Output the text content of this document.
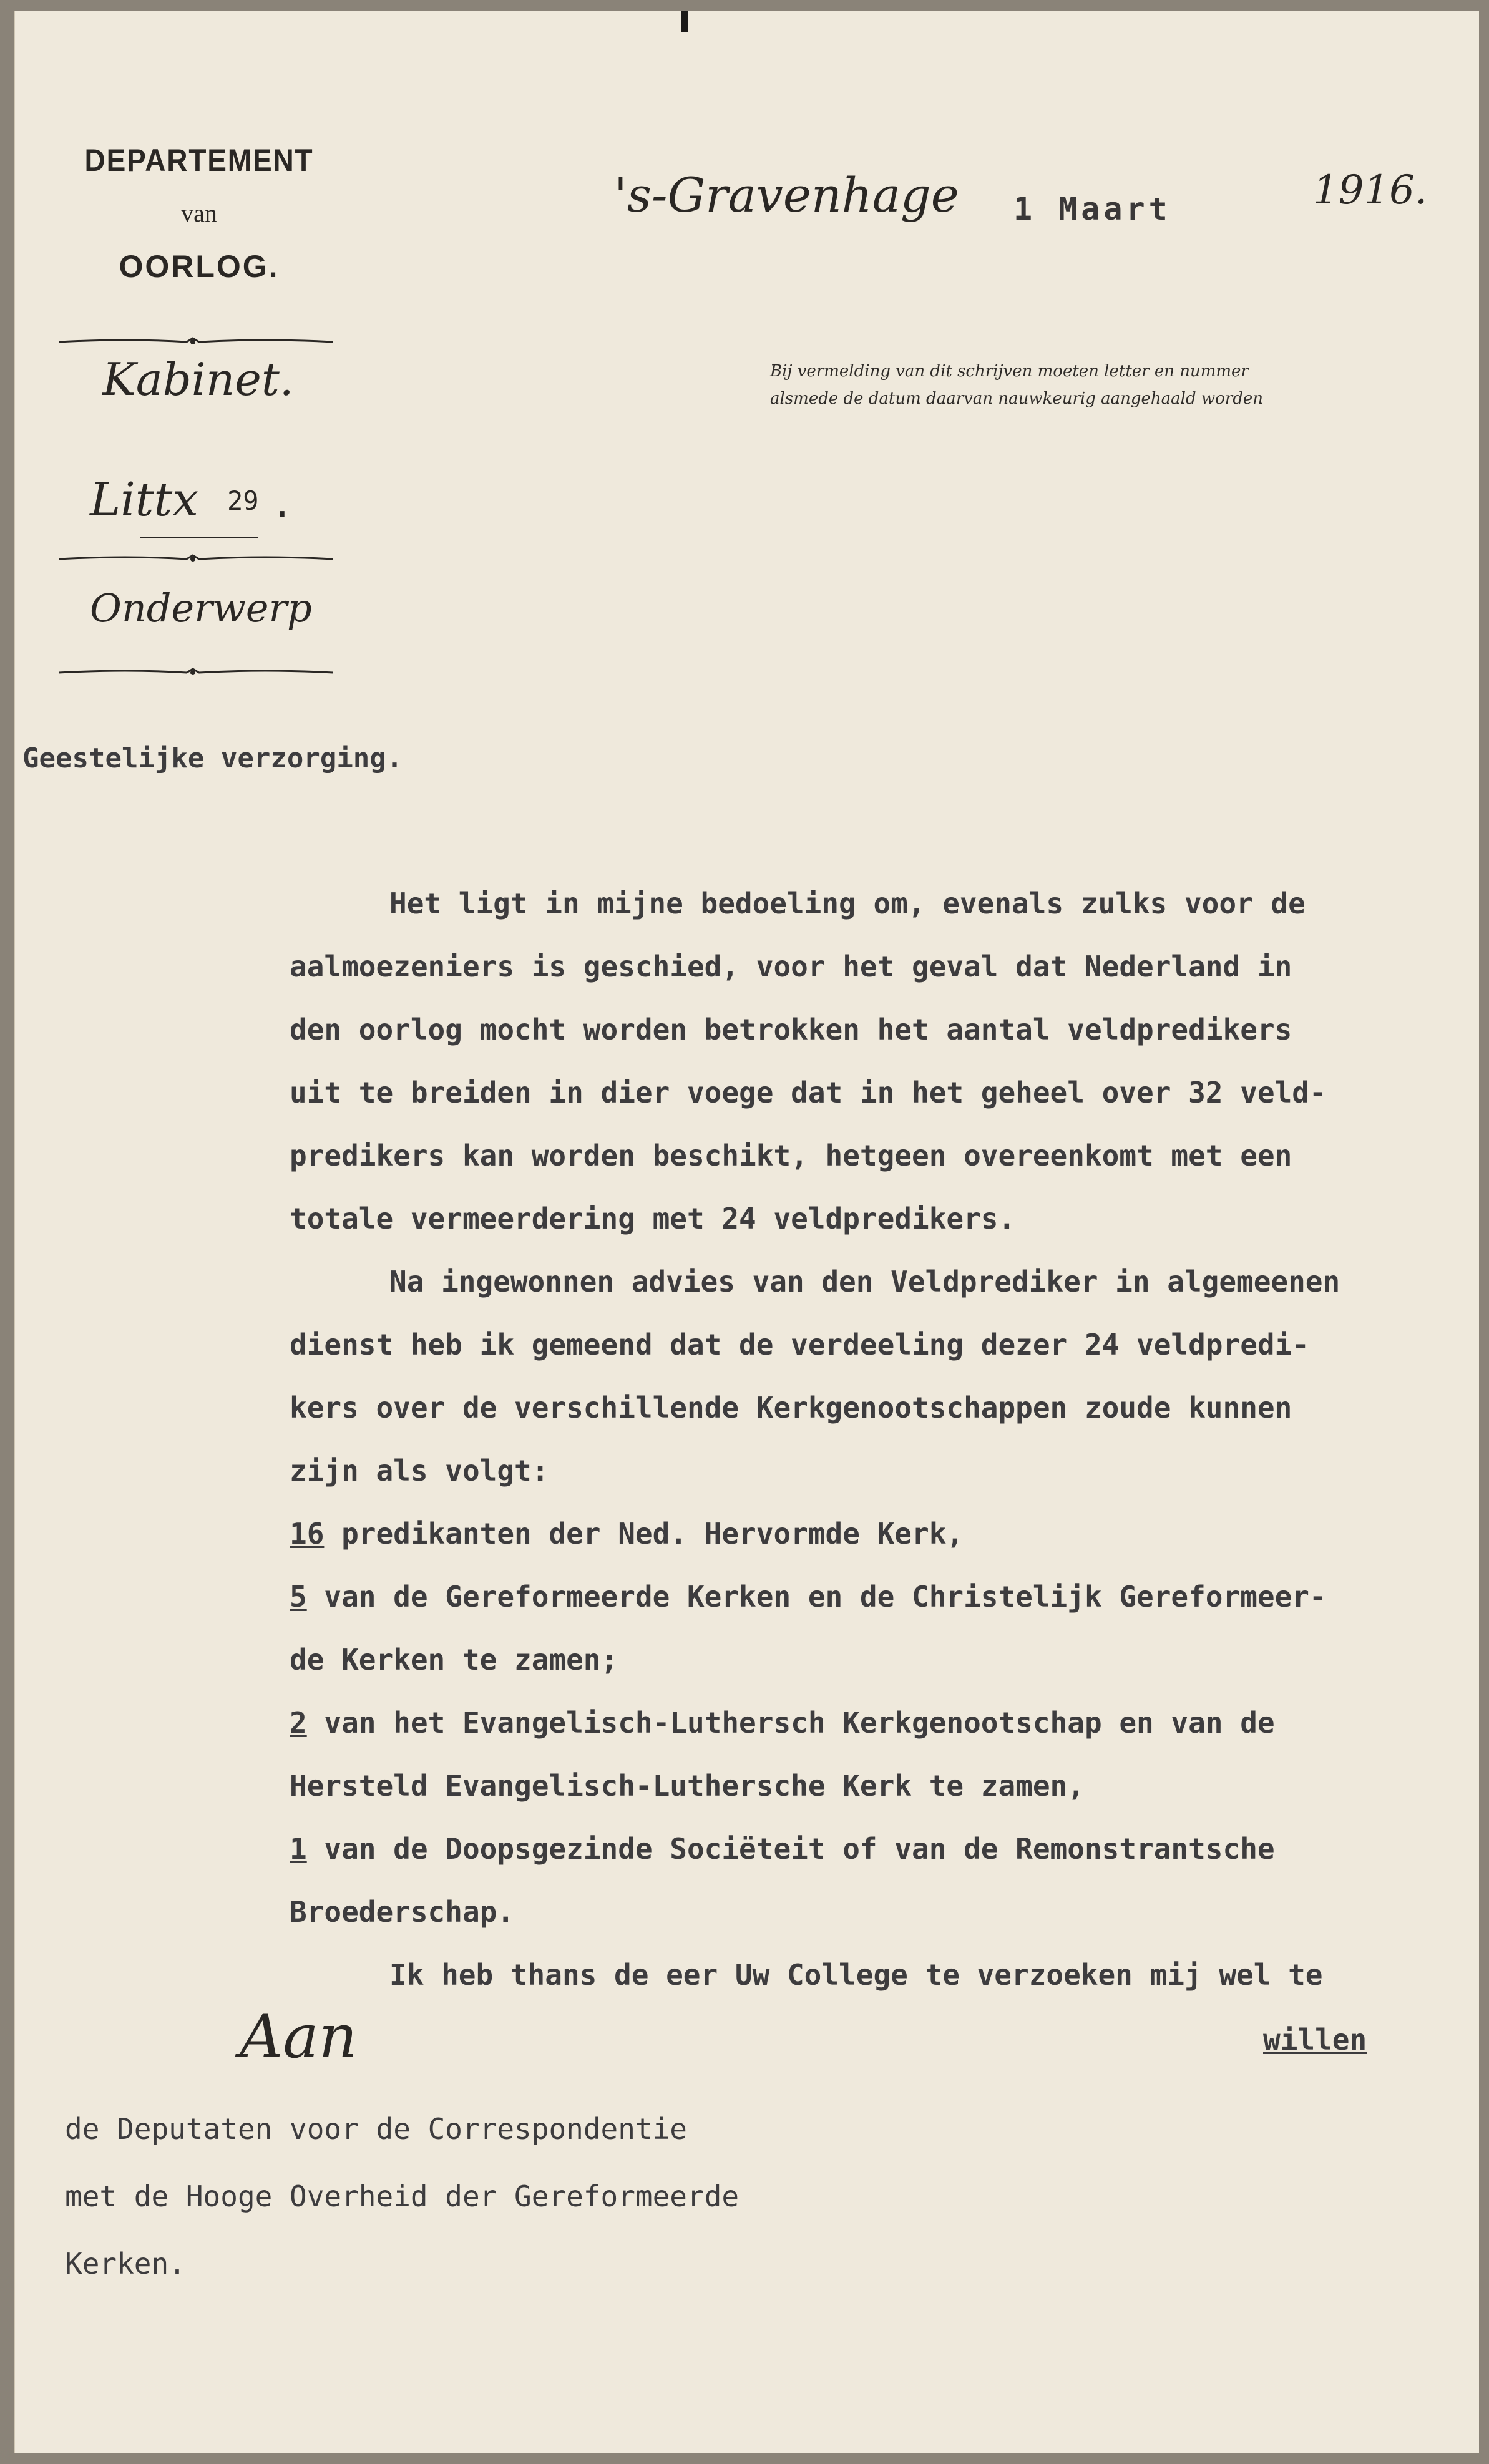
DEPARTEMENT
van
OORLOG.
Kabinet.
Littx 29 .
Onderwerp
's-Gravenhage 1 Maart	1916.
Bij vermelding van dit schrijven moeten letter en nummer
alsmede de datum daarvan nauwkeurig aangehaald worden
Geestelijke verzorging.
Het ligt in mijne bedoeling om, evenals zulks voor de
aalmoezeniers is geschied, voor het geval dat Nederland in
den oorlog mocht worden betrokken het aantal veldpredikers
uit te breiden in dier voege dat in het geheel over 32 veld-
predikers kan worden beschikt, hetgeen overeenkomt met een
totale vermeerdering met 24 veldpredikers.
Na ingewonnen advies van den Veldprediker in algemeenen
dienst heb ik gemeend dat de verdeeling dezer 24 veldpredi-
kers over de verschillende Kerkgenootschappen zoude kunnen
zijn als volgt:
16 predikanten der Ned. Hervormde Kerk,
5 van de Gereformeerde Kerken en de Christelijk Gereformeer-
de Kerken te zamen;
2 van het Evangelisch-Luthersch Kerkgenootschap en van de
Hersteld Evangelisch-Luthersche Kerk te zamen,
1 van de Doopsgezinde Sociëteit of van de Remonstrantsche
Broederschap.
Ik heb thans de eer Uw College te verzoeken mij wel te
Aan	willen
de Deputaten voor de Correspondentie
met de Hooge Overheid der Gereformeerde
Kerken.
